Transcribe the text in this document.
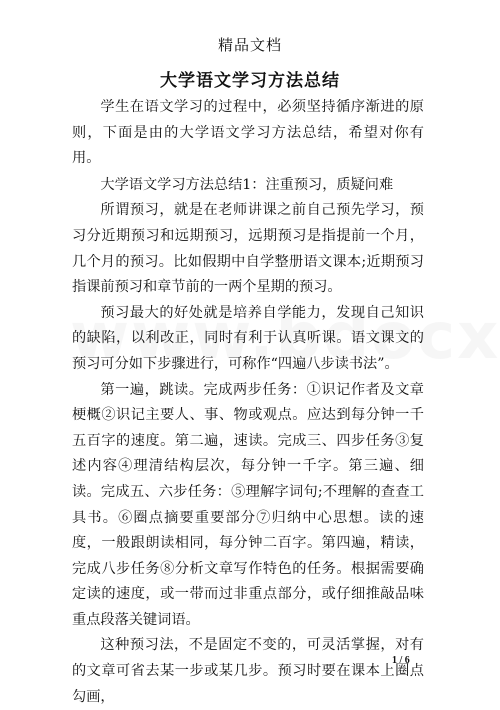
精品文档
大学语文学习方法总结

学生在语文学习的过程中，必须坚持循序渐进的原则，下面是由的大学语文学习方法总结，希望对你有用。

大学语文学习方法总结1：注重预习，质疑问难

所谓预习，就是在老师讲课之前自己预先学习，预习分近期预习和远期预习，远期预习是指提前一个月，几个月的预习。比如假期中自学整册语文课本;近期预习指课前预习和章节前的一两个星期的预习。

预习最大的好处就是培养自学能力，发现自己知识的缺陷，以利改正，同时有利于认真听课。语文课文的预习可分如下步骤进行，可称作“四遍八步读书法”。

第一遍，跳读。完成两步任务：①识记作者及文章梗概②识记主要人、事、物或观点。应达到每分钟一千五百字的速度。第二遍，速读。完成三、四步任务③复述内容④理清结构层次，每分钟一千字。第三遍、细读。完成五、六步任务：⑤理解字词句;不理解的查查工具书。⑥圈点摘要重要部分⑦归纳中心思想。读的速度，一般跟朗读相同，每分钟二百字。第四遍，精读，完成八步任务⑧分析文章写作特色的任务。根据需要确定读的速度，或一带而过非重点部分，或仔细推敲品味重点段落关键词语。

这种预习法，不是固定不变的，可灵活掌握，对有的文章可省去某一步或某几步。预习时要在课本上圈点勾画，

1 / 6
